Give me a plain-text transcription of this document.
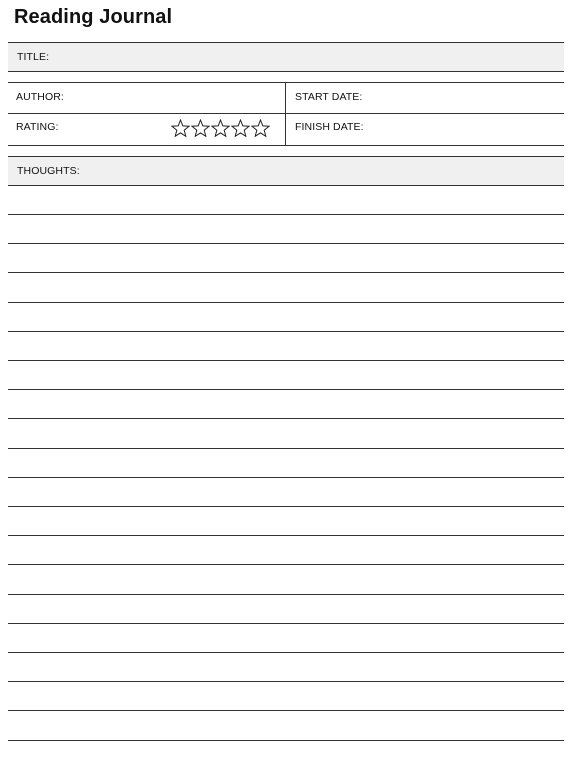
Reading Journal
TITLE:
AUTHOR:	START DATE:
RATING:	FINISH DATE:
THOUGHTS:
